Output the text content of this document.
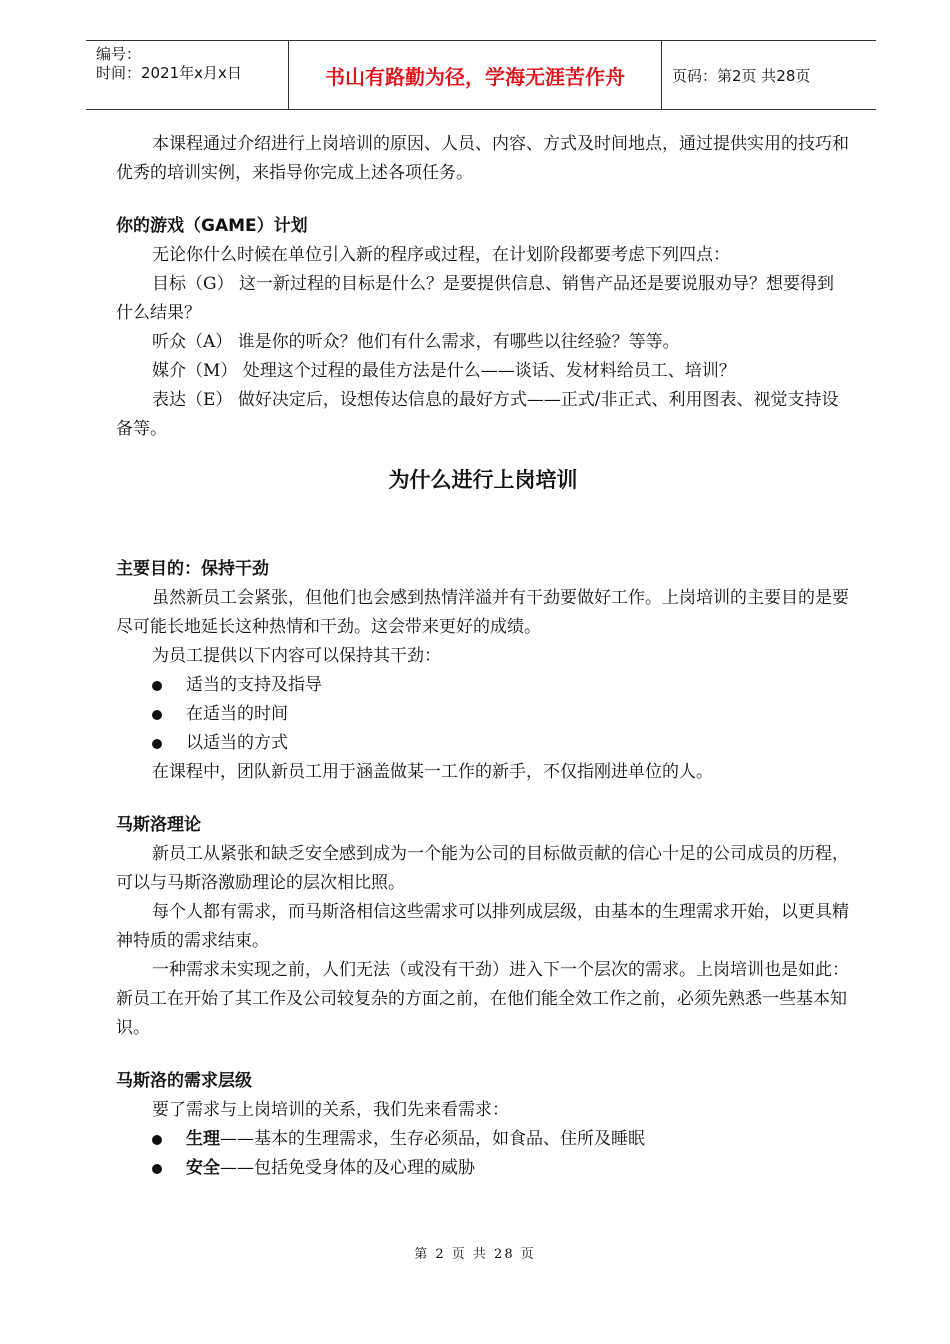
编号：
时间：2021年x月x日	书山有路勤为径，学海无涯苦作舟	页码：第2页 共28页

本课程通过介绍进行上岗培训的原因、人员、内容、方式及时间地点，通过提供实用的技巧和优秀的培训实例，来指导你完成上述各项任务。

你的游戏（GAME）计划

无论你什么时候在单位引入新的程序或过程，在计划阶段都要考虑下列四点：

目标（G） 这一新过程的目标是什么？是要提供信息、销售产品还是要说服劝导？想要得到什么结果？

听众（A） 谁是你的听众？他们有什么需求，有哪些以往经验？等等。

媒介（M） 处理这个过程的最佳方法是什么——谈话、发材料给员工、培训？

表达（E） 做好决定后，设想传达信息的最好方式——正式/非正式、利用图表、视觉支持设备等。

为什么进行上岗培训

主要目的：保持干劲

虽然新员工会紧张，但他们也会感到热情洋溢并有干劲要做好工作。上岗培训的主要目的是要尽可能长地延长这种热情和干劲。这会带来更好的成绩。

为员工提供以下内容可以保持其干劲：

适当的支持及指导

在适当的时间

以适当的方式

在课程中，团队新员工用于涵盖做某一工作的新手，不仅指刚进单位的人。

马斯洛理论

新员工从紧张和缺乏安全感到成为一个能为公司的目标做贡献的信心十足的公司成员的历程，可以与马斯洛激励理论的层次相比照。

每个人都有需求，而马斯洛相信这些需求可以排列成层级，由基本的生理需求开始，以更具精神特质的需求结束。

一种需求未实现之前，人们无法（或没有干劲）进入下一个层次的需求。上岗培训也是如此：新员工在开始了其工作及公司较复杂的方面之前，在他们能全效工作之前，必须先熟悉一些基本知识。

马斯洛的需求层级

要了需求与上岗培训的关系，我们先来看需求：

生理 ——基本的生理需求，生存必须品，如食品、住所及睡眠

安全 ——包括免受身体的及心理的威胁

第 2 页 共 28 页
